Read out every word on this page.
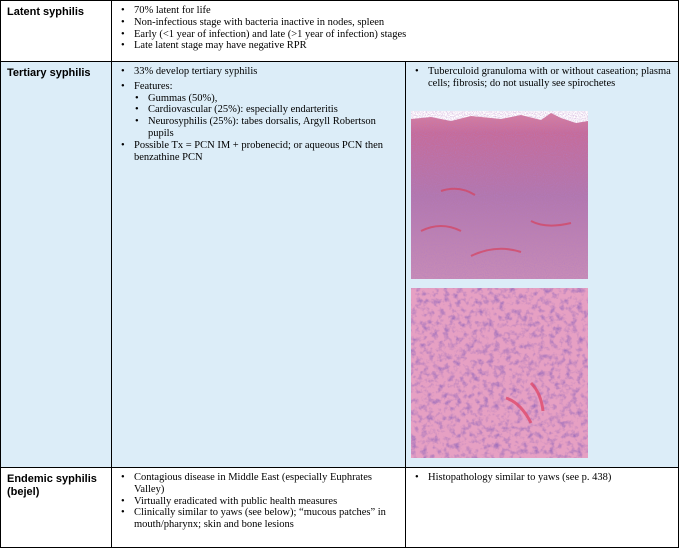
Latent syphilis	• 70% latent for life
• Non-infectious stage with bacteria inactive in nodes, spleen
• Early (<1 year of infection) and late (>1 year of infection) stages
• Late latent stage may have negative RPR
Tertiary syphilis	• 33% develop tertiary syphilis
• Features:
• Gummas (50%),
• Cardiovascular (25%): especially endarteritis
• Neurosyphilis (25%): tabes dorsalis, Argyll Robertson pupils
• Possible Tx = PCN IM + probenecid; or aqueous PCN then benzathine PCN
• Tuberculoid granuloma with or without caseation; plasma cells; fibrosis; do not usually see spirochetes
Endemic syphilis (bejel)
• Contagious disease in Middle East (especially Euphrates Valley)
• Virtually eradicated with public health measures
• Clinically similar to yaws (see below); “mucous patches” in mouth/pharynx; skin and bone lesions
• Histopathology similar to yaws (see p. 438)
